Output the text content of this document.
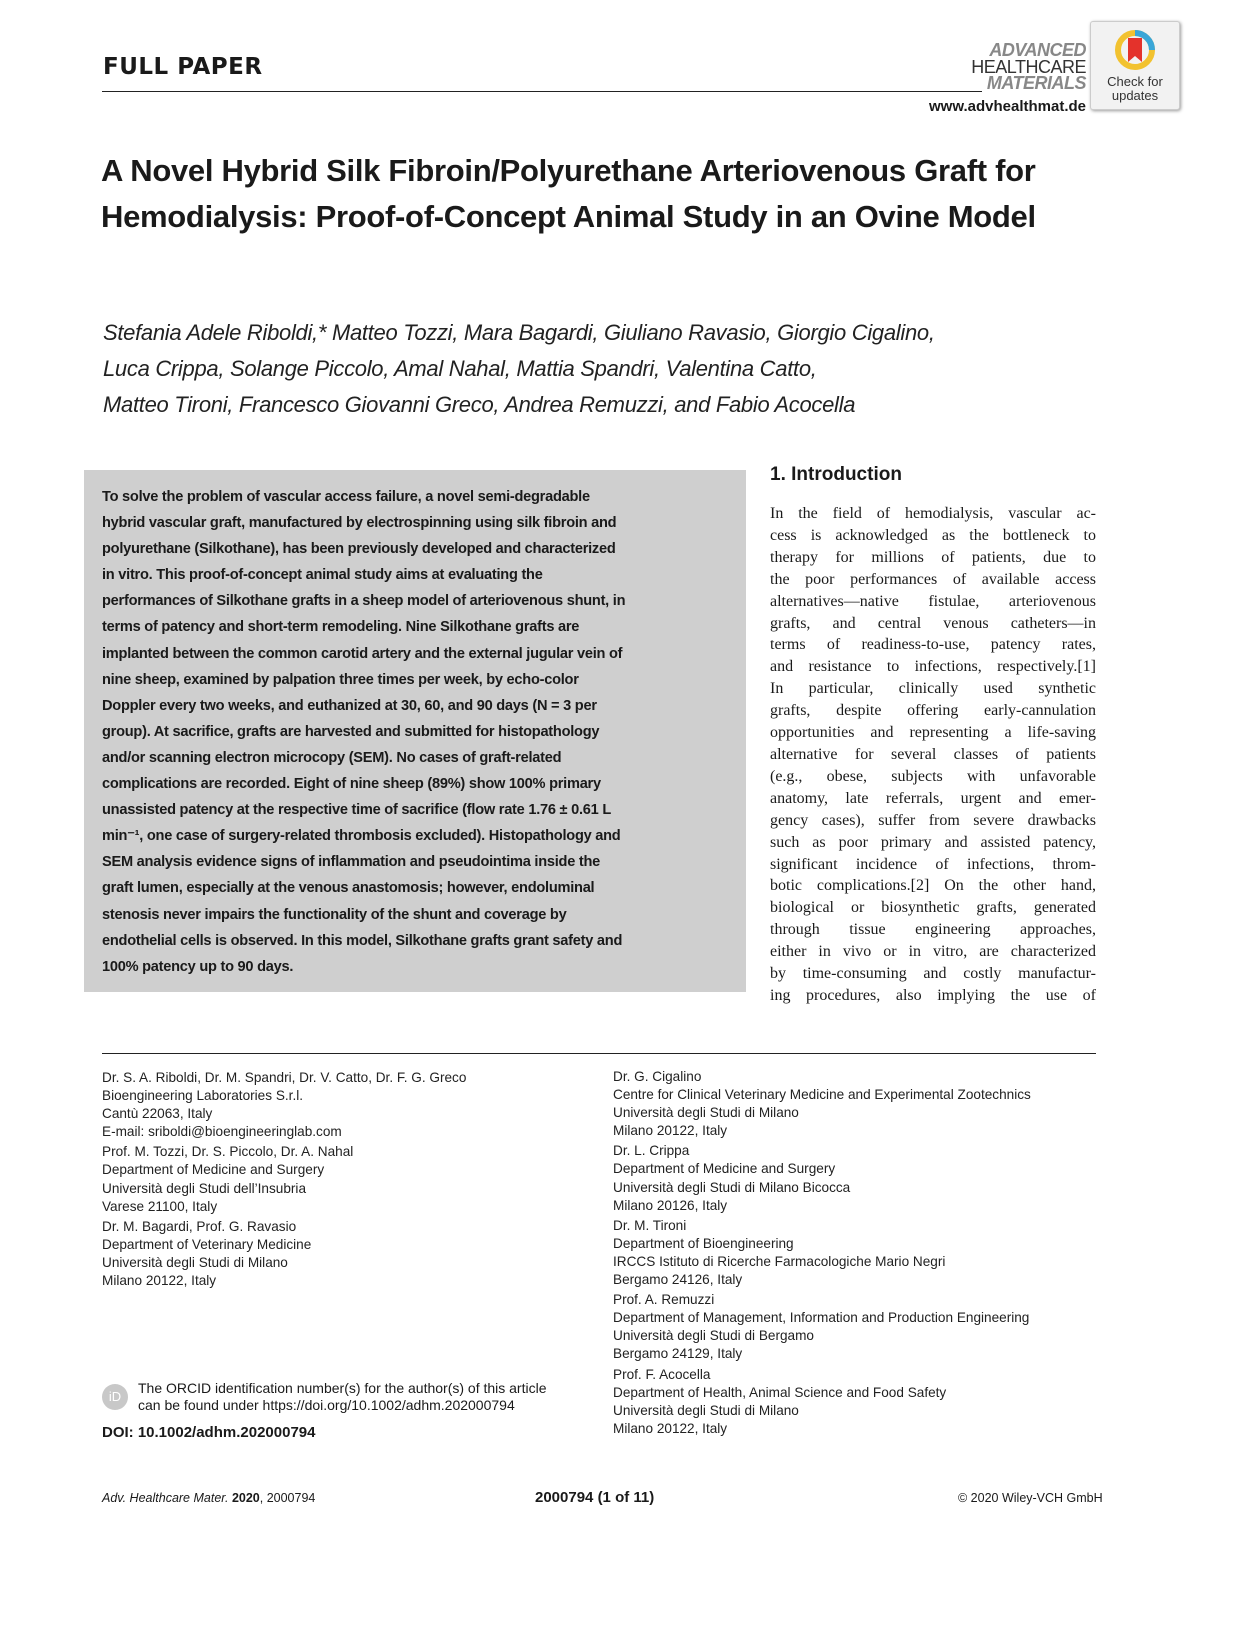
FULL PAPER
ADVANCED
HEALTHCARE
MATERIALS
www.advhealthmat.de
Check for updates
A Novel Hybrid Silk Fibroin/Polyurethane Arteriovenous Graft for Hemodialysis: Proof-of-Concept Animal Study in an Ovine Model
Stefania Adele Riboldi,* Matteo Tozzi, Mara Bagardi, Giuliano Ravasio, Giorgio Cigalino,
Luca Crippa, Solange Piccolo, Amal Nahal, Mattia Spandri, Valentina Catto,
Matteo Tironi, Francesco Giovanni Greco, Andrea Remuzzi, and Fabio Acocella
To solve the problem of vascular access failure, a novel semi-degradable
hybrid vascular graft, manufactured by electrospinning using silk fibroin and
polyurethane (Silkothane), has been previously developed and characterized
in vitro. This proof-of-concept animal study aims at evaluating the
performances of Silkothane grafts in a sheep model of arteriovenous shunt, in
terms of patency and short-term remodeling. Nine Silkothane grafts are
implanted between the common carotid artery and the external jugular vein of
nine sheep, examined by palpation three times per week, by echo-color
Doppler every two weeks, and euthanized at 30, 60, and 90 days (N = 3 per
group). At sacrifice, grafts are harvested and submitted for histopathology
and/or scanning electron microcopy (SEM). No cases of graft-related
complications are recorded. Eight of nine sheep (89%) show 100% primary
unassisted patency at the respective time of sacrifice (flow rate 1.76 ± 0.61 L
min⁻¹, one case of surgery-related thrombosis excluded). Histopathology and
SEM analysis evidence signs of inflammation and pseudointima inside the
graft lumen, especially at the venous anastomosis; however, endoluminal
stenosis never impairs the functionality of the shunt and coverage by
endothelial cells is observed. In this model, Silkothane grafts grant safety and
100% patency up to 90 days.
1. Introduction
In the field of hemodialysis, vascular ac-
cess is acknowledged as the bottleneck to
therapy for millions of patients, due to
the poor performances of available access
alternatives—native fistulae, arteriovenous
grafts, and central venous catheters—in
terms of readiness-to-use, patency rates,
and resistance to infections, respectively.[1]
In particular, clinically used synthetic
grafts, despite offering early-cannulation
opportunities and representing a life-saving
alternative for several classes of patients
(e.g., obese, subjects with unfavorable
anatomy, late referrals, urgent and emer-
gency cases), suffer from severe drawbacks
such as poor primary and assisted patency,
significant incidence of infections, throm-
botic complications.[2] On the other hand,
biological or biosynthetic grafts, generated
through tissue engineering approaches,
either in vivo or in vitro, are characterized
by time-consuming and costly manufactur-
ing procedures, also implying the use of
Dr. S. A. Riboldi, Dr. M. Spandri, Dr. V. Catto, Dr. F. G. Greco
Bioengineering Laboratories S.r.l.
Cantù 22063, Italy
E-mail: sriboldi@bioengineeringlab.com
Prof. M. Tozzi, Dr. S. Piccolo, Dr. A. Nahal
Department of Medicine and Surgery
Università degli Studi dell’Insubria
Varese 21100, Italy
Dr. M. Bagardi, Prof. G. Ravasio
Department of Veterinary Medicine
Università degli Studi di Milano
Milano 20122, Italy
Dr. G. Cigalino
Centre for Clinical Veterinary Medicine and Experimental Zootechnics
Università degli Studi di Milano
Milano 20122, Italy
Dr. L. Crippa
Department of Medicine and Surgery
Università degli Studi di Milano Bicocca
Milano 20126, Italy
Dr. M. Tironi
Department of Bioengineering
IRCCS Istituto di Ricerche Farmacologiche Mario Negri
Bergamo 24126, Italy
Prof. A. Remuzzi
Department of Management, Information and Production Engineering
Università degli Studi di Bergamo
Bergamo 24129, Italy
Prof. F. Acocella
Department of Health, Animal Science and Food Safety
Università degli Studi di Milano
Milano 20122, Italy
iD
The ORCID identification number(s) for the author(s) of this article
can be found under https://doi.org/10.1002/adhm.202000794
DOI: 10.1002/adhm.202000794
Adv. Healthcare Mater. 2020, 2000794	2000794 (1 of 11)	© 2020 Wiley-VCH GmbH
